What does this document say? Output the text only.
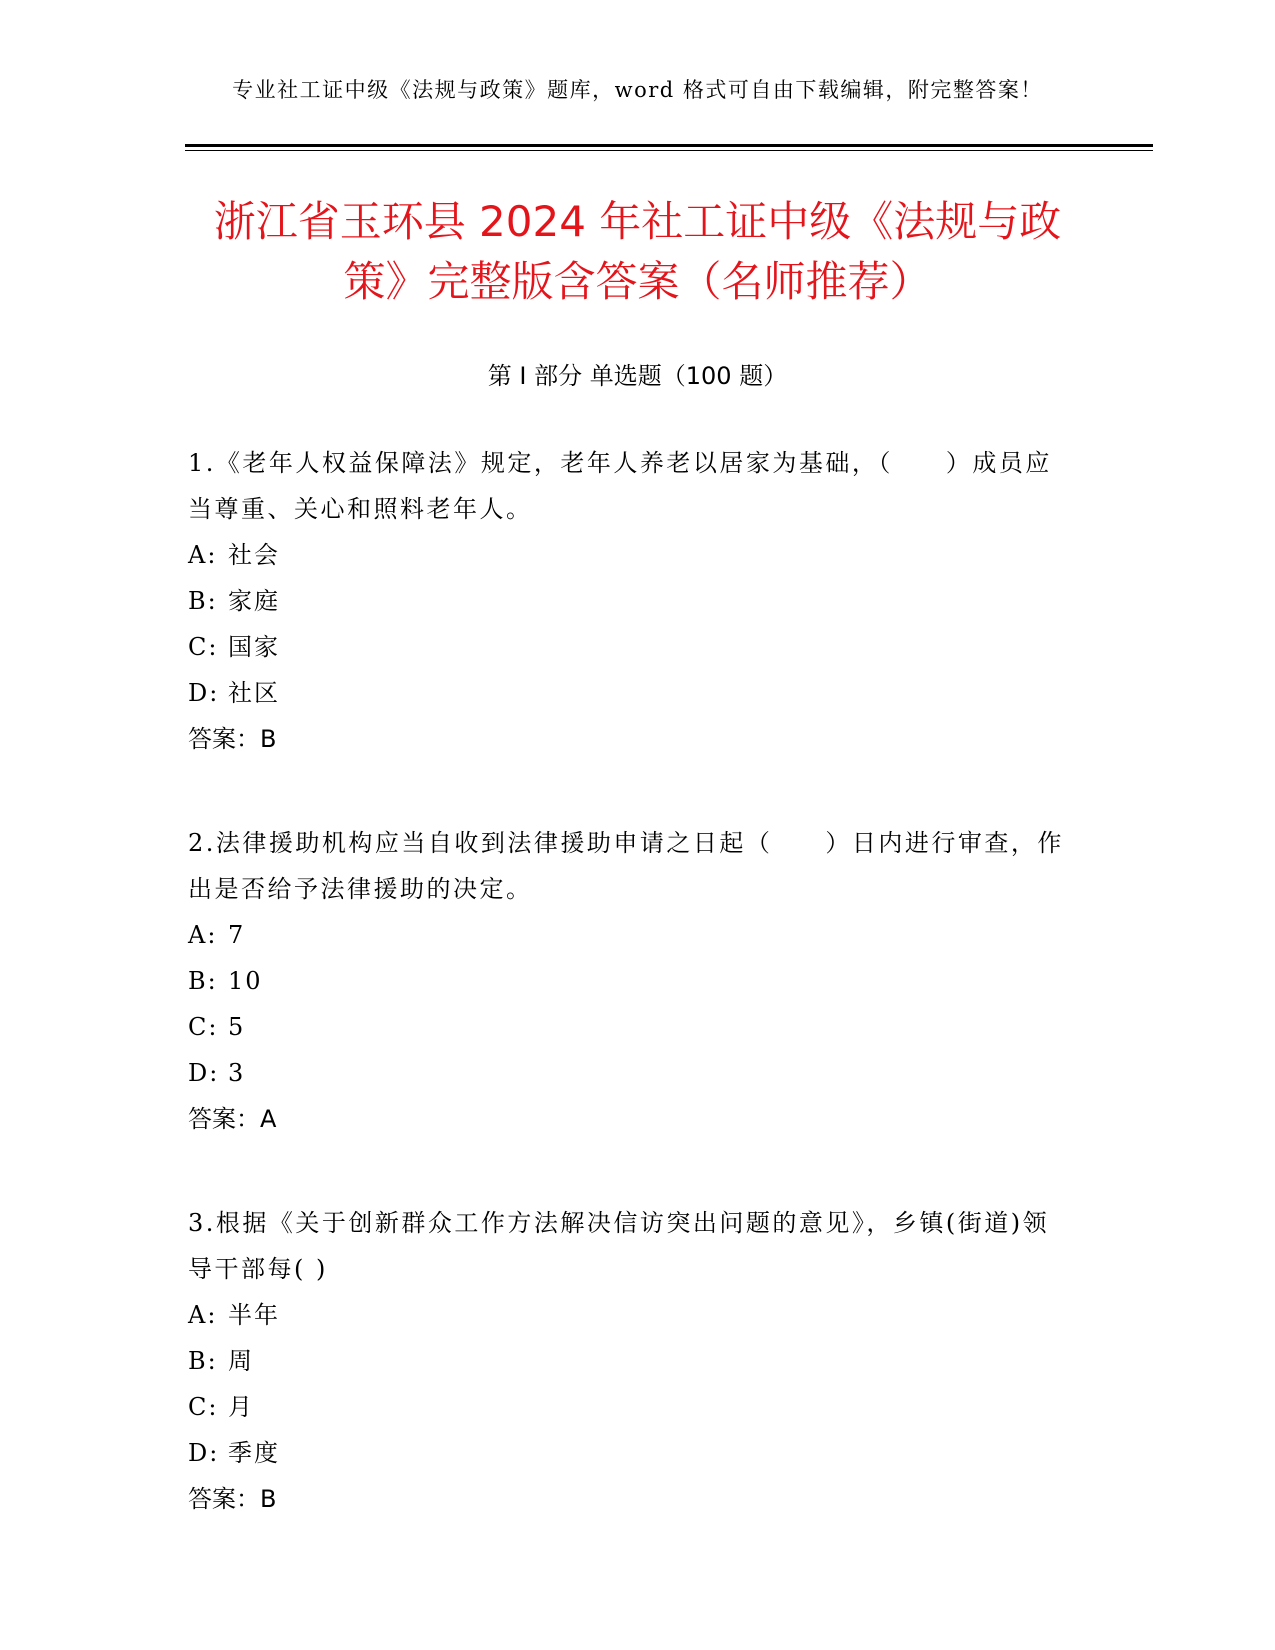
专业社工证中级《法规与政策》题库，word 格式可自由下载编辑，附完整答案！
浙江省玉环县 2024 年社工证中级《法规与政
策》完整版含答案（名师推荐）
第 I 部分 单选题（100 题）

1.《老年人权益保障法》规定，老年人养老以居家为基础，（　　）成员应当尊重、关心和照料老年人。

A: 社会

B: 家庭

C: 国家

D: 社区

答案：B

2.法律援助机构应当自收到法律援助申请之日起（　　）日内进行审查，作出是否给予法律援助的决定。

A: 7

B: 10

C: 5

D: 3

答案：A

3.根据《关于创新群众工作方法解决信访突出问题的意见》，乡镇(街道)领导干部每( )

A: 半年

B: 周

C: 月

D: 季度

答案：B
